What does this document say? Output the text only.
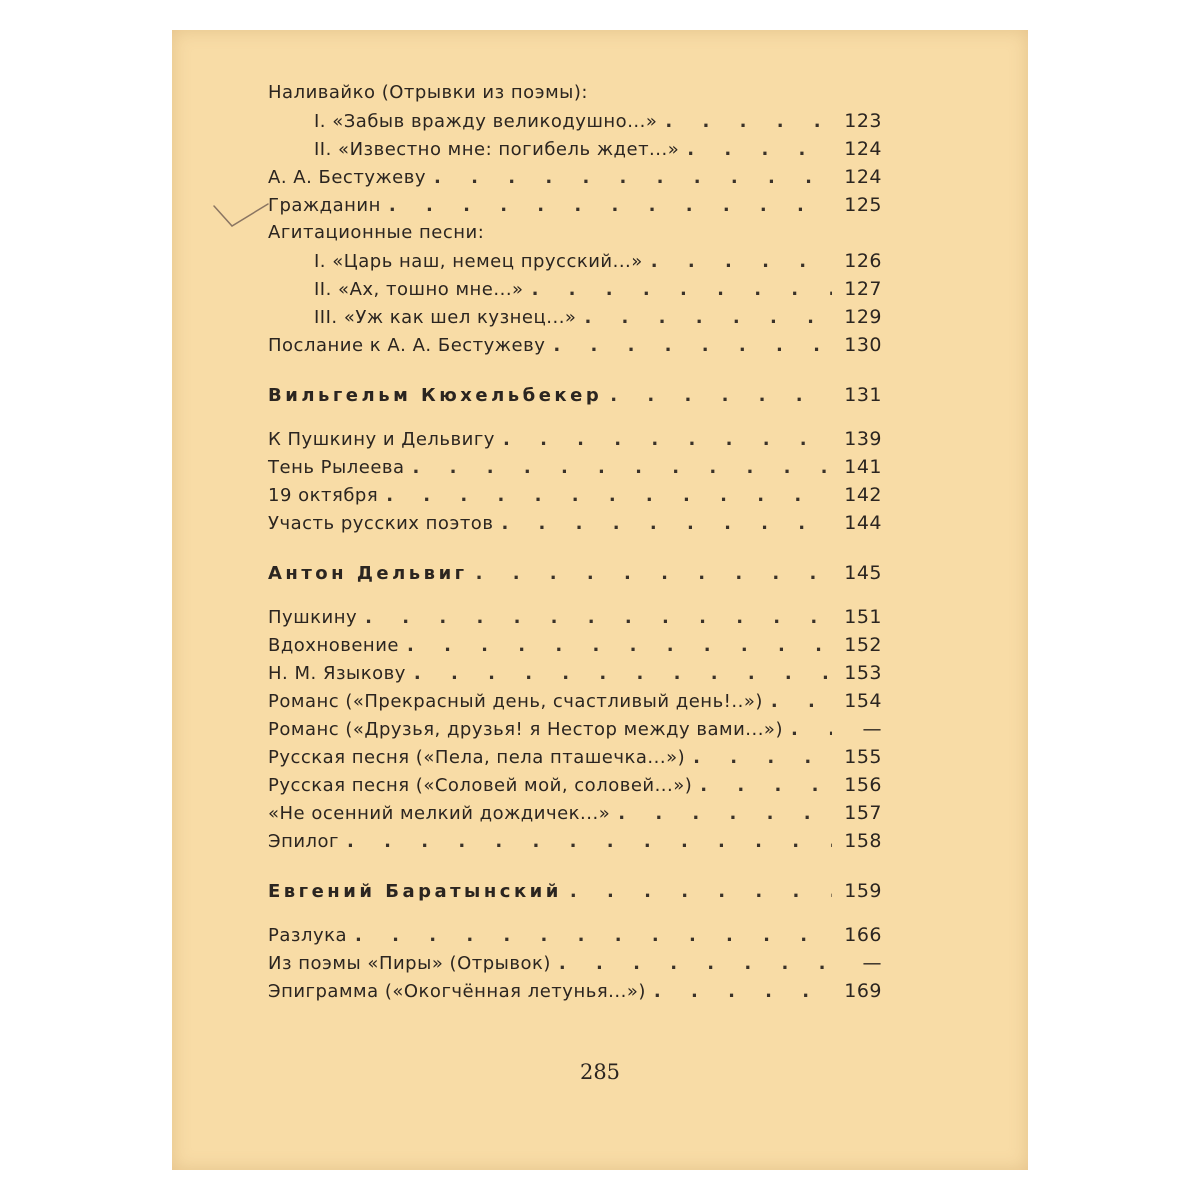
Наливайко (Отрывки из поэмы):
I. «Забыв вражду великодушно...» . . .	123
II. «Известно мне: погибель ждет...» . . .	124
А. А. Бестужеву . . .	124
Гражданин . . .	125
Агитационные песни:
I. «Царь наш, немец прусский...» . . .	126
II. «Ах, тошно мне...» . . .	127
III. «Уж как шел кузнец...» . . .	129
Послание к А. А. Бестужеву . . .	130
Вильгельм Кюхельбекер . . .	131
К Пушкину и Дельвигу . . .	139
Тень Рылеева . . .	141
19 октября . . .	142
Участь русских поэтов . . .	144
Антон Дельвиг . . .	145
Пушкину . . .	151
Вдохновение . . .	152
Н. М. Языкову . . .	153
Романс («Прекрасный день, счастливый день!..») . . .	154
Романс («Друзья, друзья! я Нестор между вами...») . . .	—
Русская песня («Пела, пела пташечка...») . . .	155
Русская песня («Соловей мой, соловей...») . . .	156
«Не осенний мелкий дождичек...» . . .	157
Эпилог . . .	158
Евгений Баратынский . . .	159
Разлука . . .	166
Из поэмы «Пиры» (Отрывок) . . .	—
Эпиграмма («Окогчённая летунья...») . . .	169
285
